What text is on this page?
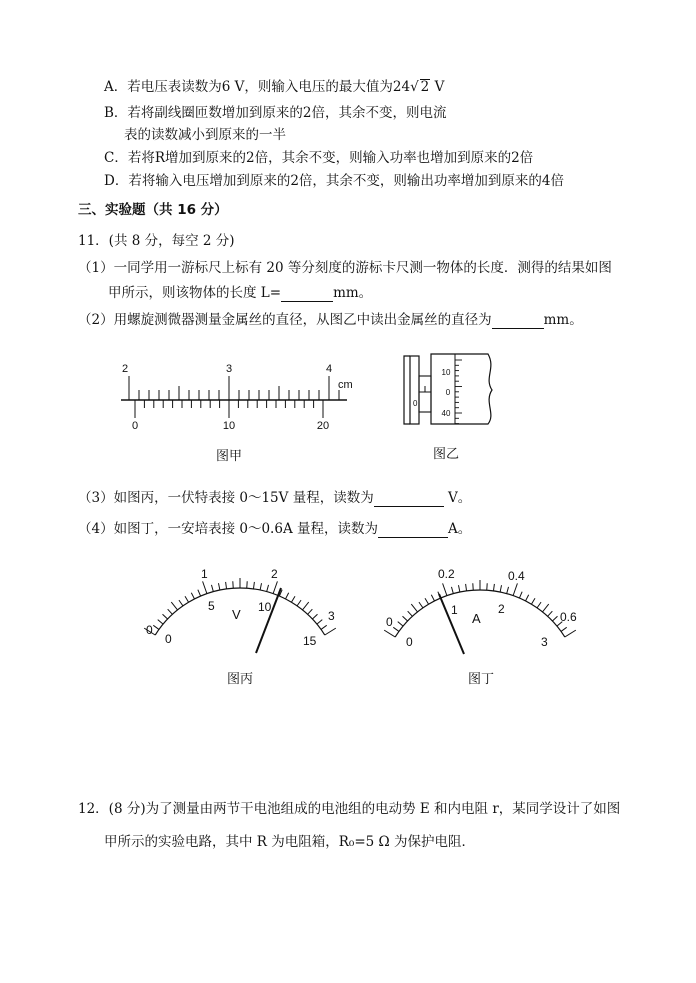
A．若电压表读数为6 V，则输入电压的最大值为24√ 2 V
B．若将副线圈匝数增加到原来的2倍，其余不变，则电流
表的读数减小到原来的一半
C．若将R增加到原来的2倍，其余不变，则输入功率也增加到原来的2倍
D．若将输入电压增加到原来的2倍，其余不变，则输出功率增加到原来的4倍
三、实验题（共 16 分）
11．(共 8 分，每空 2 分)
（1）一同学用一游标尺上标有 20 等分刻度的游标卡尺测一物体的长度．测得的结果如图
甲所示，则该物体的长度 L=	mm。
（2）用螺旋测微器测量金属丝的直径，从图乙中读出金属丝的直径为	mm。
2	3	4
cm
0	10	20
图甲
0
10
0
40
图乙
（3）如图丙，一伏特表接 0～15V 量程，读数为	V。
（4）如图丁，一安培表接 0～0.6A 量程，读数为	A。
0
1	2
3
0
5	10
15
V
图丙
0
0.2	0.4
0.6
0
1	2
3
A
图丁
12．(8 分)为了测量由两节干电池组成的电池组的电动势 E 和内电阻 r，某同学设计了如图
甲所示的实验电路，其中 R 为电阻箱，R₀=5 Ω 为保护电阻．
